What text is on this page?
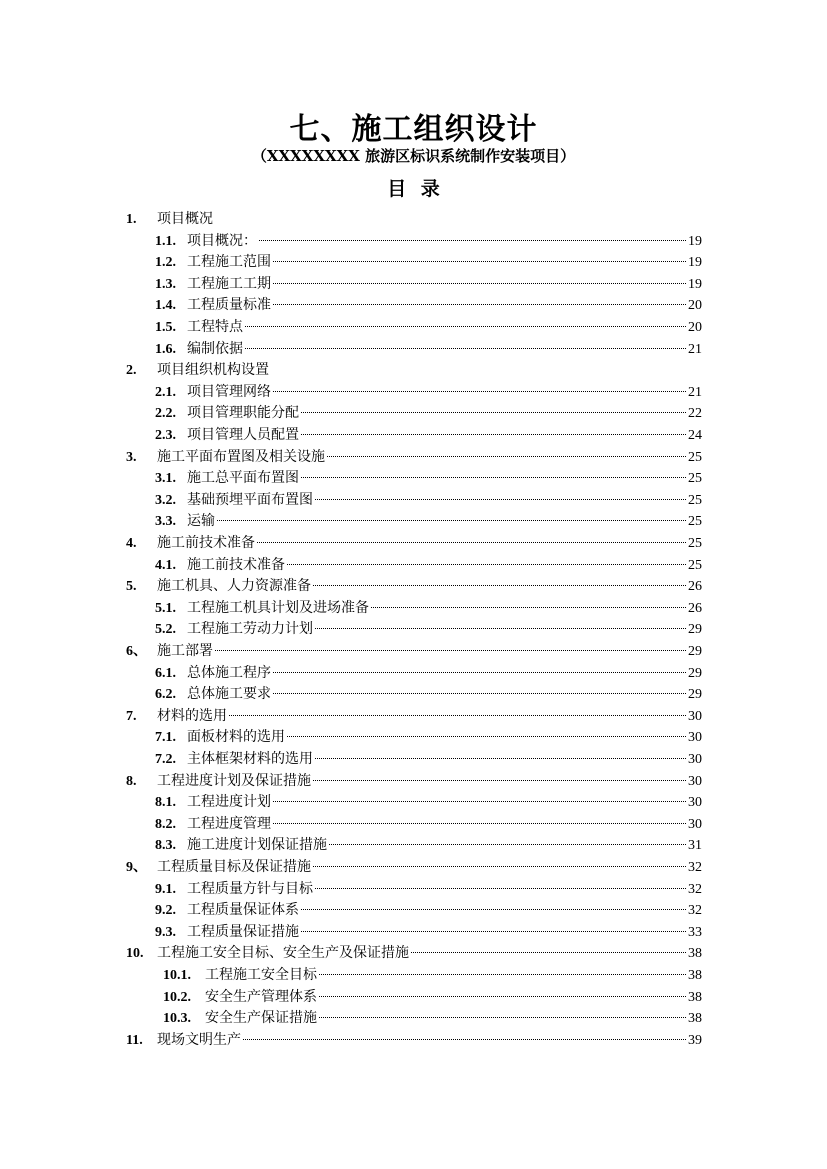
七、施工组织设计
（XXXXXXXX 旅游区标识系统制作安装项目）
目 录
1.	项目概况
1.1. 项目概况：	19
1.2. 工程施工范围	19
1.3. 工程施工工期	19
1.4. 工程质量标准	20
1.5. 工程特点	20
1.6. 编制依据	21
2.	项目组织机构设置
2.1. 项目管理网络	21
2.2. 项目管理职能分配	22
2.3. 项目管理人员配置	24
3.	施工平面布置图及相关设施	25
3.1. 施工总平面布置图	25
3.2. 基础预埋平面布置图	25
3.3. 运输	25
4.	施工前技术准备	25
4.1. 施工前技术准备	25
5.	施工机具、人力资源准备	26
5.1. 工程施工机具计划及进场准备	26
5.2. 工程施工劳动力计划	29
6、 施工部署	29
6.1. 总体施工程序	29
6.2. 总体施工要求	29
7.	材料的选用	30
7.1. 面板材料的选用	30
7.2. 主体框架材料的选用	30
8.	工程进度计划及保证措施	30
8.1. 工程进度计划	30
8.2. 工程进度管理	30
8.3. 施工进度计划保证措施	31
9、 工程质量目标及保证措施	32
9.1. 工程质量方针与目标	32
9.2. 工程质量保证体系	32
9.3. 工程质量保证措施	33
10. 工程施工安全目标、安全生产及保证措施	38
10.1.	工程施工安全目标	38
10.2.	安全生产管理体系	38
10.3.	安全生产保证措施	38
11.	现场文明生产	39
